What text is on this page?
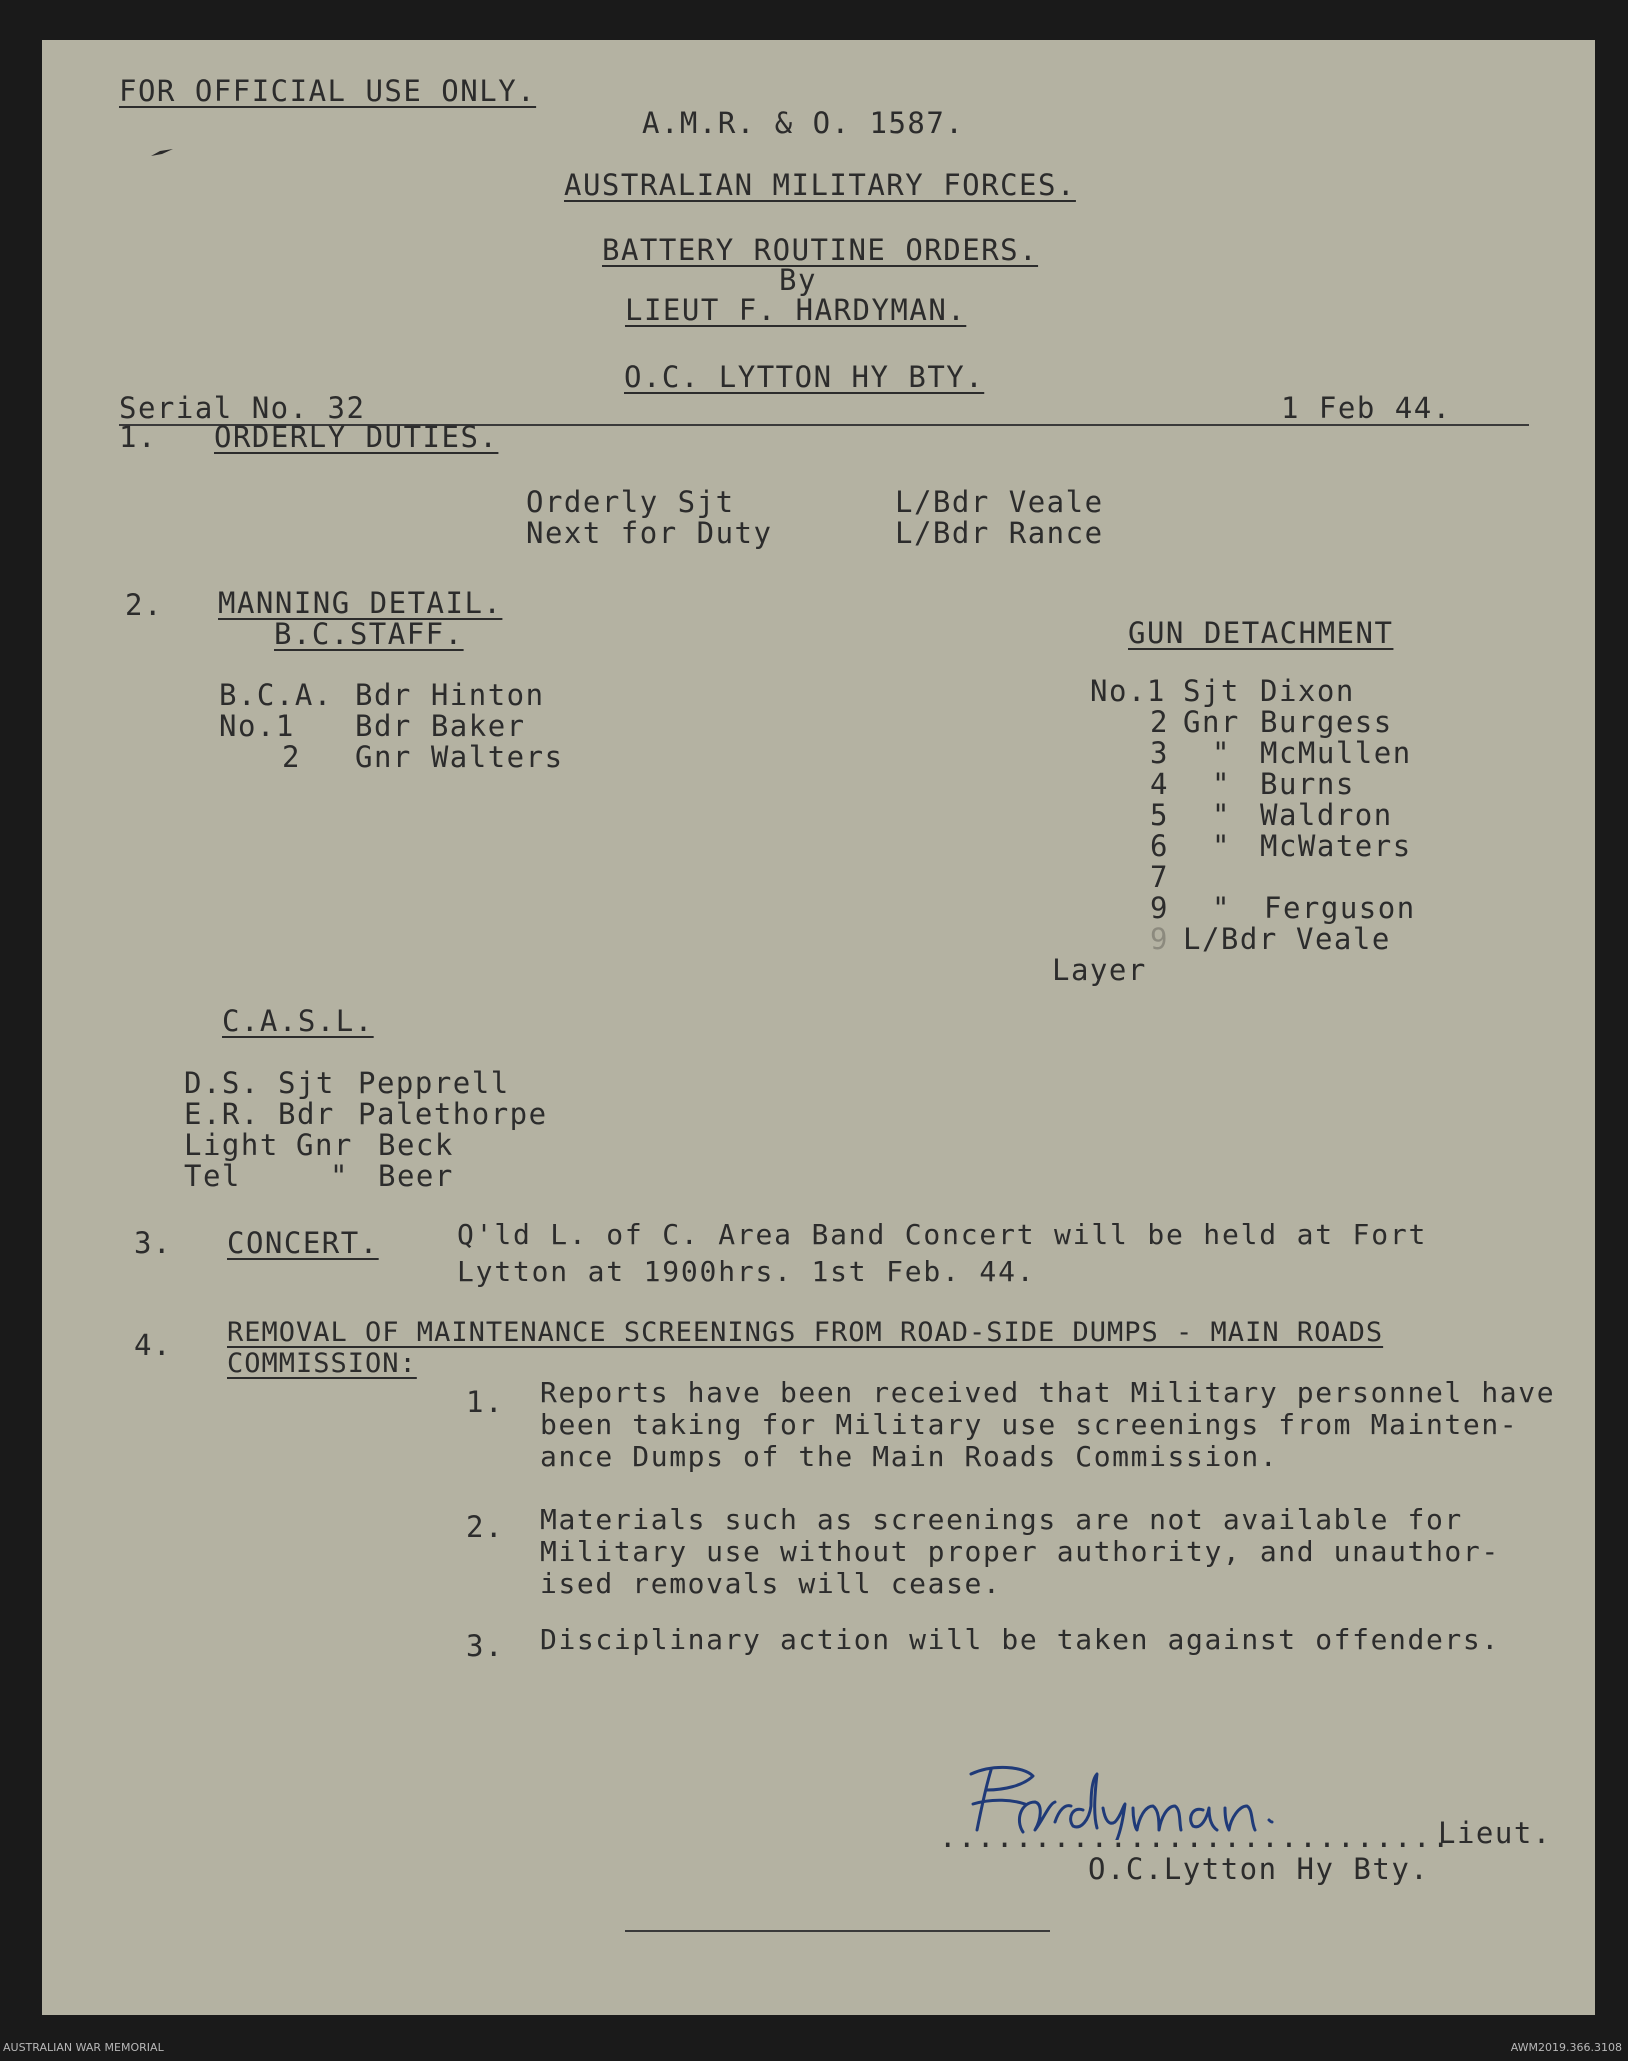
FOR OFFICIAL USE ONLY.
A.M.R. & O. 1587.
AUSTRALIAN MILITARY FORCES.
BATTERY ROUTINE ORDERS.
By
LIEUT F. HARDYMAN.
O.C. LYTTON HY BTY.
Serial No. 32	1 Feb 44.
1. ORDERLY DUTIES.
Orderly Sjt	L/Bdr Veale
Next for Duty	L/Bdr Rance
2. MANNING DETAIL.
B.C.STAFF.
B.C.A. Bdr Hinton
No.1 Bdr Baker
2 Gnr Walters
GUN DETACHMENT
No.1 Sjt Dixon
2 Gnr Burgess
3 " McMullen
4 " Burns
5 " Waldron
6 " McWaters
7
9 " Ferguson
9 L/Bdr Veale
Layer
C.A.S.L.
D.S. Sjt Pepprell
E.R. Bdr Palethorpe
Light Gnr Beck
Tel	" Beer
3. CONCERT.	Q'ld L. of C. Area Band Concert will be held at Fort
Lytton at 1900hrs. 1st Feb. 44.
4. REMOVAL OF MAINTENANCE SCREENINGS FROM ROAD-SIDE DUMPS - MAIN ROADS
COMMISSION:
1. Reports have been received that Military personnel have
been taking for Military use screenings from Mainten-
ance Dumps of the Main Roads Commission.
2. Materials such as screenings are not available for
Military use without proper authority, and unauthor-
ised removals will cease.
3. Disciplinary action will be taken against offenders.
...........................
Lieut.
O.C.Lytton Hy Bty.
AUSTRALIAN WAR MEMORIAL	AWM2019.366.3108
